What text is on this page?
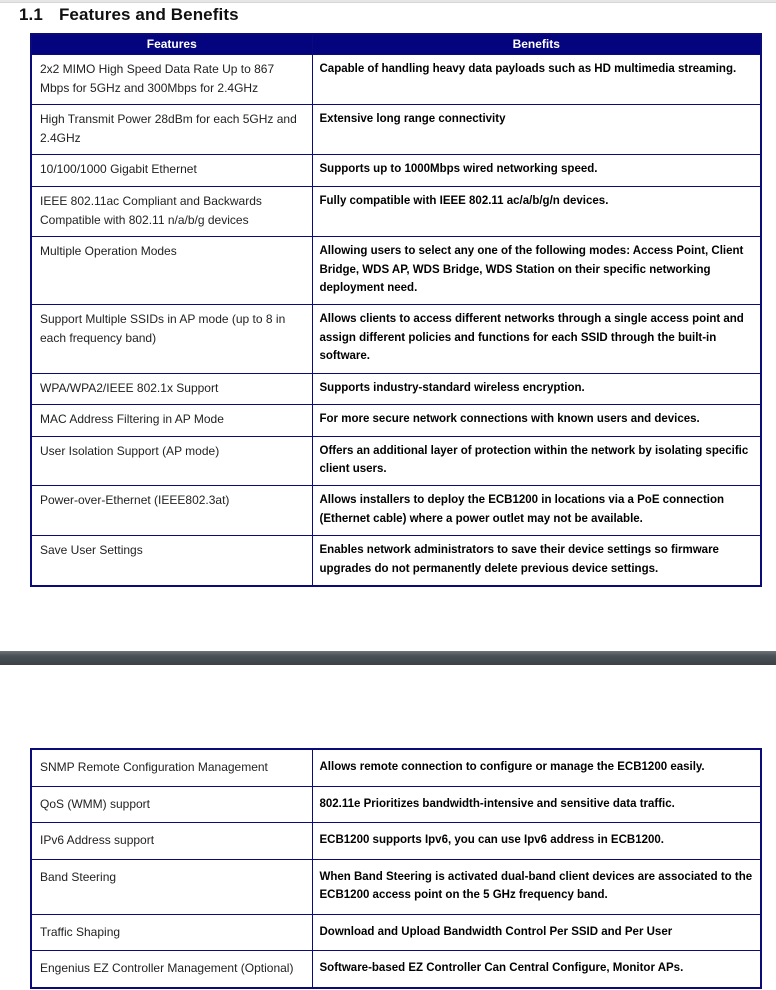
1.1 Features and Benefits
Features	Benefits
2x2 MIMO High Speed Data Rate Up to 867 Mbps for 5GHz and 300Mbps for 2.4GHz	Capable of handling heavy data payloads such as HD multimedia streaming.
High Transmit Power 28dBm for each 5GHz and 2.4GHz	Extensive long range connectivity
10/100/1000 Gigabit Ethernet	Supports up to 1000Mbps wired networking speed.
IEEE 802.11ac Compliant and Backwards Compatible with 802.11 n/a/b/g devices	Fully compatible with IEEE 802.11 ac/a/b/g/n devices.
Multiple Operation Modes	Allowing users to select any one of the following modes: Access Point, Client Bridge, WDS AP, WDS Bridge, WDS Station on their specific networking deployment need.
Support Multiple SSIDs in AP mode (up to 8 in each frequency band)	Allows clients to access different networks through a single access point and assign different policies and functions for each SSID through the built-in software.
WPA/WPA2/IEEE 802.1x Support	Supports industry-standard wireless encryption.
MAC Address Filtering in AP Mode	For more secure network connections with known users and devices.
User Isolation Support (AP mode)	Offers an additional layer of protection within the network by isolating specific client users.
Power-over-Ethernet (IEEE802.3at)	Allows installers to deploy the ECB1200 in locations via a PoE connection (Ethernet cable) where a power outlet may not be available.
Save User Settings	Enables network administrators to save their device settings so firmware upgrades do not permanently delete previous device settings.
SNMP Remote Configuration Management	Allows remote connection to configure or manage the ECB1200 easily.
QoS (WMM) support	802.11e Prioritizes bandwidth-intensive and sensitive data traffic.
IPv6 Address support	ECB1200 supports Ipv6, you can use Ipv6 address in ECB1200.
Band Steering	When Band Steering is activated dual-band client devices are associated to the ECB1200 access point on the 5 GHz frequency band.
Traffic Shaping	Download and Upload Bandwidth Control Per SSID and Per User
Engenius EZ Controller Management (Optional)	Software-based EZ Controller Can Central Configure, Monitor APs.
